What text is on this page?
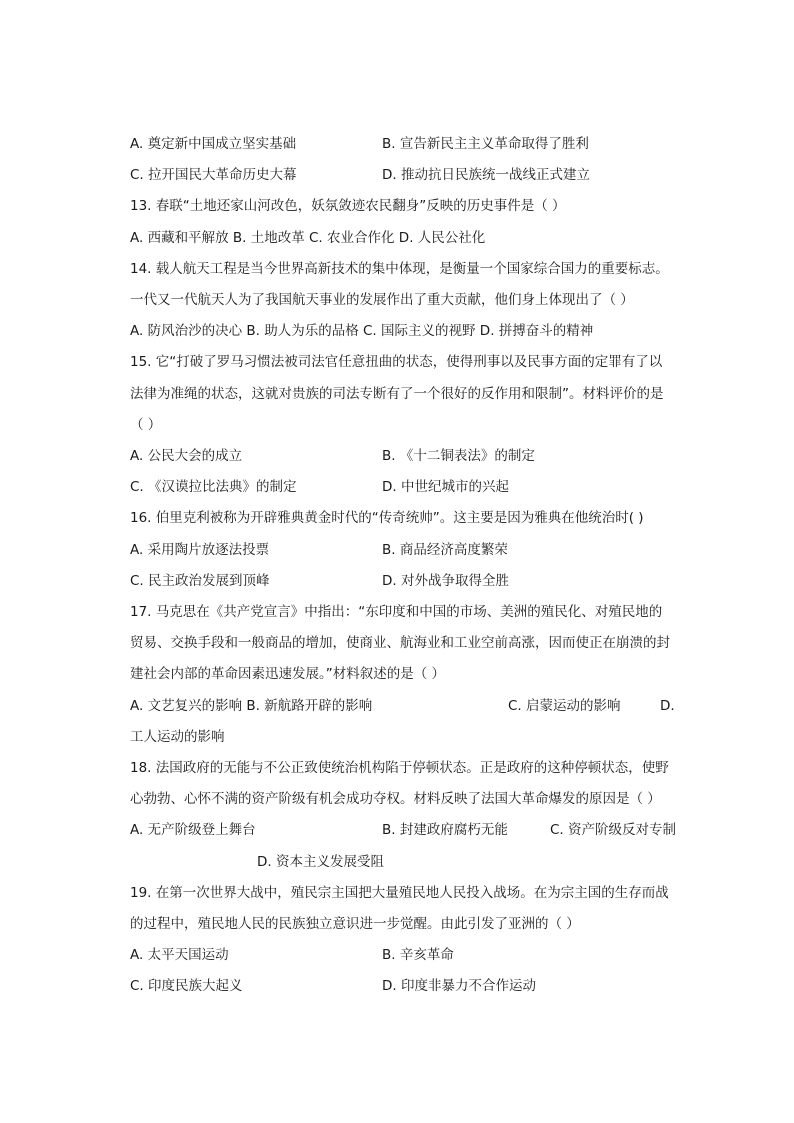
A. 奠定新中国成立坚实基础	B. 宣告新民主主义革命取得了胜利
C. 拉开国民大革命历史大幕	D. 推动抗日民族统一战线正式建立
13. 春联“土地还家山河改色，妖氛敛迹农民翻身”反映的历史事件是（ ）
A. 西藏和平解放 B. 土地改革 C. 农业合作化 D. 人民公社化
14. 载人航天工程是当今世界高新技术的集中体现，是衡量一个国家综合国力的重要标志。
一代又一代航天人为了我国航天事业的发展作出了重大贡献，他们身上体现出了（ ）
A. 防风治沙的决心 B. 助人为乐的品格 C. 国际主义的视野 D. 拼搏奋斗的精神
15. 它“打破了罗马习惯法被司法官任意扭曲的状态，使得刑事以及民事方面的定罪有了以
法律为准绳的状态，这就对贵族的司法专断有了一个很好的反作用和限制”。材料评价的是
（ ）
A. 公民大会的成立	B. 《十二铜表法》的制定
C. 《汉谟拉比法典》的制定	D. 中世纪城市的兴起
16. 伯里克利被称为开辟雅典黄金时代的“传奇统帅”。这主要是因为雅典在他统治时( )
A. 采用陶片放逐法投票	B. 商品经济高度繁荣
C. 民主政治发展到顶峰	D. 对外战争取得全胜
17. 马克思在《共产党宣言》中指出：“东印度和中国的市场、美洲的殖民化、对殖民地的
贸易、交换手段和一般商品的增加，使商业、航海业和工业空前高涨，因而使正在崩溃的封
建社会内部的革命因素迅速发展。”材料叙述的是（ ）
A. 文艺复兴的影响 B. 新航路开辟的影响	C. 启蒙运动的影响	D.
工人运动的影响
18. 法国政府的无能与不公正致使统治机构陷于停顿状态。正是政府的这种停顿状态，使野
心勃勃、心怀不满的资产阶级有机会成功夺权。材料反映了法国大革命爆发的原因是（ ）
A. 无产阶级登上舞台	B. 封建政府腐朽无能	C. 资产阶级反对专制
D. 资本主义发展受阻
19. 在第一次世界大战中，殖民宗主国把大量殖民地人民投入战场。在为宗主国的生存而战
的过程中，殖民地人民的民族独立意识进一步觉醒。由此引发了亚洲的（ ）
A. 太平天国运动	B. 辛亥革命
C. 印度民族大起义	D. 印度非暴力不合作运动
